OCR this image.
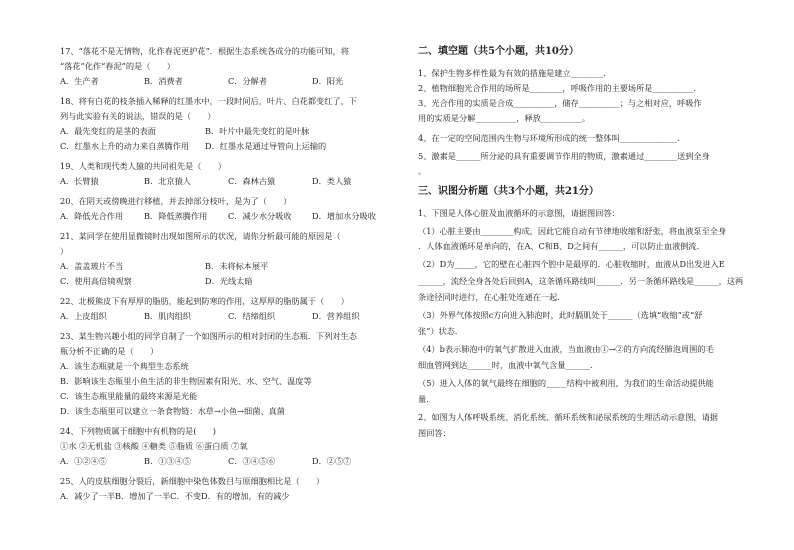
17、“落花不是无情物，化作春泥更护花”．根据生态系统各成分的功能可知，将
“落花”化作“春泥”的是（　　）
A．生产者	B．消费者	C．分解者	D．阳光
18、将有白花的枝条插入稀释的红墨水中，一段时间后，叶片、白花都变红了，下
列与此实验有关的说法，错误的是（　　）
A．最先变红的是茎的表面	B．叶片中最先变红的是叶脉
C．红墨水上升的动力来自蒸腾作用 D．红墨水是通过导管向上运输的
19、人类和现代类人猿的共同祖先是（　　）
A．长臂猿	B．北京猿人	C．森林古猿	D．类人猿
20、在阴天或傍晚进行移植，并去掉部分枝叶，是为了（　　）
A．降低光合作用	B．降低蒸腾作用	C．减少水分吸收 D．增加水分吸收
21、某同学在使用显微镜时出现如图所示的状况，请你分析最可能的原因是（
）
A．盖盖玻片不当	B．未将标本展平
C．使用高倍镜观察	D．光线太暗
22、北极熊皮下有厚厚的脂肪，能起到防寒的作用，这厚厚的脂肪属于（　　）
A．上皮组织	B．肌肉组织	C．结缔组织	D．营养组织
23、某生物兴趣小组的同学自制了一个如图所示的相对封闭的生态瓶．下列对生态
瓶分析不正确的是（　　）
A．该生态瓶就是一个典型生态系统
B．影响该生态瓶里小鱼生活的非生物因素有阳光、水、空气、温度等
C．该生态瓶里能量的最终来源是光能
D．该生态瓶里可以建立一条食物链：水草→小鱼→细菌、真菌
24、下列物质属于细胞中有机物的是(　　)
①水 ②无机盐 ③核酸 ④糖类 ⑤脂质 ⑥蛋白质 ⑦氧
A．①②④⑤	B．①③④⑤	C．③④⑤⑥	D．②⑤⑦
25、人的皮肤细胞分裂后，新细胞中染色体数目与原细胞相比是（　　）
A．减少了一半B．增加了一半C．不变D．有的增加，有的减少
二、填空题（共5个小题，共10分）
1、保护生物多样性最为有效的措施是建立________．
2、植物细胞光合作用的场所是________，呼吸作用的主要场所是__________．
3、光合作用的实质是合成__________，储存__________；与之相对应，呼吸作
用的实质是分解__________，释放__________。
4、在一定的空间范围内生物与环境所形成的统一整体叫______________．
5、激素是______所分泌的具有重要调节作用的物质，激素通过________送到全身
。
三、识图分析题（共3个小题，共21分）
1、下图是人体心脏及血液循环的示意图，请据图回答：
（1）心脏主要由________构成，因此它能自动有节律地收缩和舒张，将血液泵至全身
．人体血液循环是单向的，在A、C和B、D之间有______，可以防止血液倒流．
（2）D为_____，它的壁在心脏四个腔中是最厚的．心脏收缩时，血液从D出发进入E
______，流经全身各处后回到A，这条循环路线叫______．另一条循环路线是______，这两
条途径同时进行，在心脏处连通在一起．
（3）外界气体按照c方向进入肺泡时，此时膈肌处于______（选填“收缩”或“舒
张”）状态．
（4）b表示肺泡中的氧气扩散进入血液，当血液由①→②的方向流经肺泡周围的毛
细血管网到达______时，血液中氧气含量______．
（5）进入人体的氧气最终在细胞的_____结构中被利用，为我们的生命活动提供能
量．
2、如图为人体呼吸系统、消化系统、循环系统和泌尿系统的生理活动示意图，请据
图回答：
